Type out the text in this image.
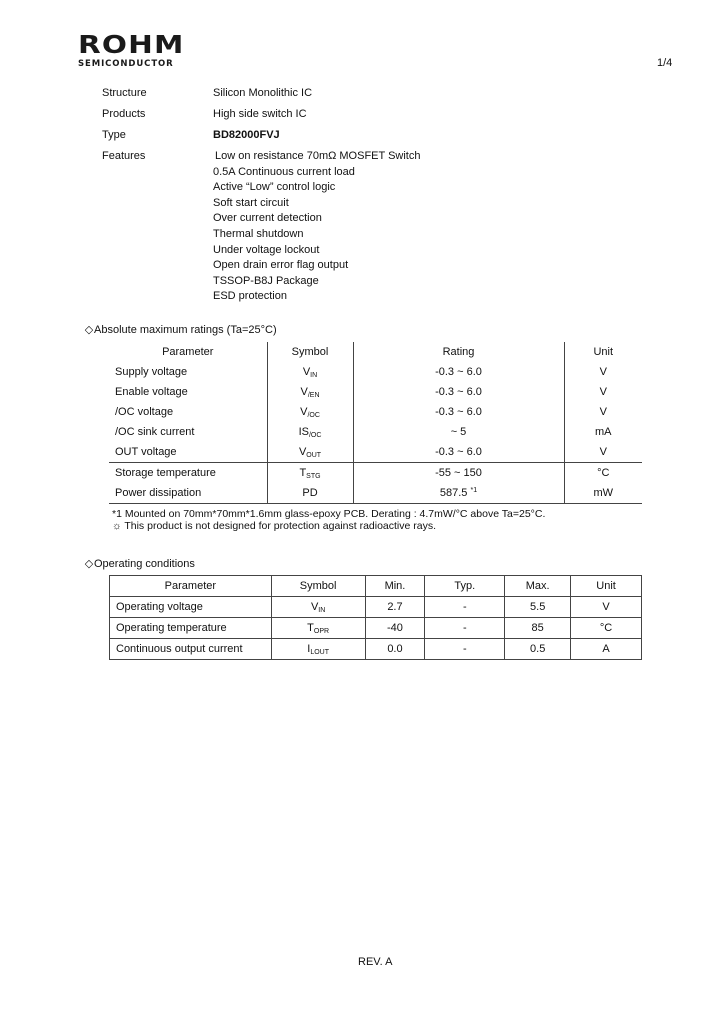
ROHM
SEMICONDUCTOR	1/4
Structure	Silicon Monolithic IC
Products	High side switch IC
Type	BD82000FVJ
Features	Low on resistance 70mΩ MOSFET Switch
0.5A Continuous current load
Active “Low” control logic
Soft start circuit
Over current detection
Thermal shutdown
Under voltage lockout
Open drain error flag output
TSSOP-B8J Package
ESD protection
◇Absolute maximum ratings (Ta=25°C)
Parameter	Symbol	Rating	Unit
Supply voltage	$V_{IN}$	-0.3 ~ 6.0	V
Enable voltage	$V_{/EN}$	-0.3 ~ 6.0	V
/OC voltage	$V_{/OC}$	-0.3 ~ 6.0	V
/OC sink current	$IS_{/OC}$	~ 5	mA
OUT voltage	$V_{OUT}$	-0.3 ~ 6.0	V
Storage temperature	$T_{STG}$	-55 ~ 150	°C
Power dissipation	PD	587.5 $^{*1}$	mW
*1 Mounted on 70mm*70mm*1.6mm glass-epoxy PCB. Derating : 4.7mW/°C above Ta=25°C.
☼ This product is not designed for protection against radioactive rays.
◇Operating conditions
Parameter	Symbol	Min.	Typ.	Max.	Unit
Operating voltage	$V_{IN}$	2.7	-	5.5	V
Operating temperature	$T_{OPR}$	-40	-	85	°C
Continuous output current	$I_{LOUT}$	0.0	-	0.5	A
REV. A
